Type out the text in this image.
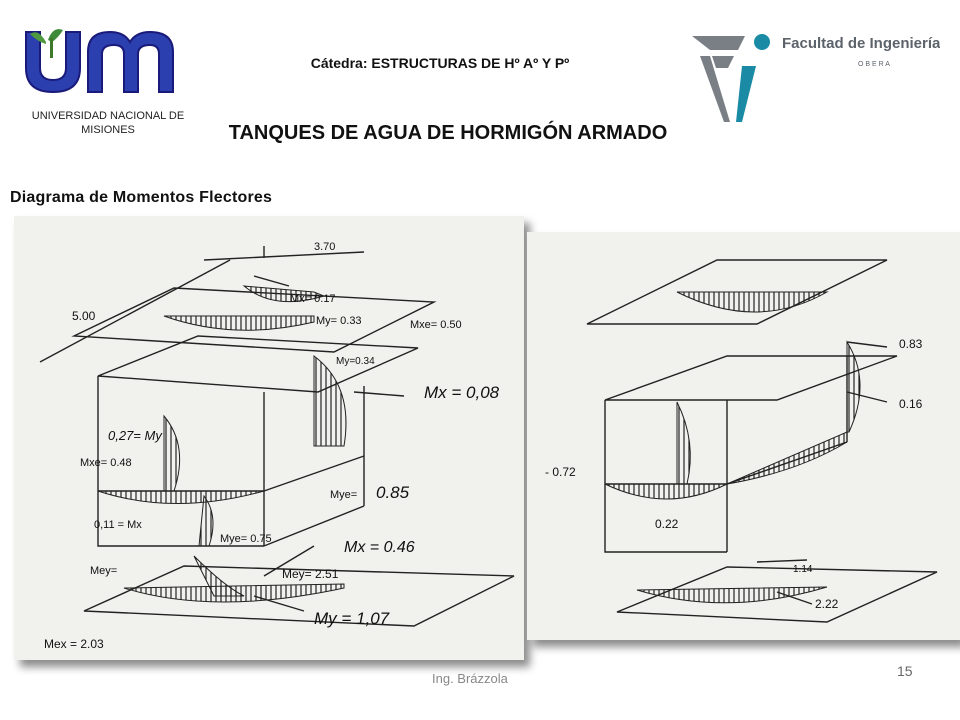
UNIVERSIDAD NACIONAL DE MISIONES
Cátedra: ESTRUCTURAS DE Hº Aº Y Pº
TANQUES DE AGUA DE HORMIGÓN ARMADO
Facultad de Ingeniería
O B E R A
Diagrama de Momentos Flectores
3.70
5.00
Mx= 0.17
My= 0.33	Mxe= 0.50
My=0.34
Mx = 0,08
0,27= My
Mxe= 0.48
Mye= 0.85
0,11 = Mx
Mye= 0.75	Mx = 0.46
Mey=	Mey= 2.51
My = 1,07
Mex = 2.03
0.83
0.16
- 0.72
0.22
1.14
2.22
Ing. Brázzola	15
